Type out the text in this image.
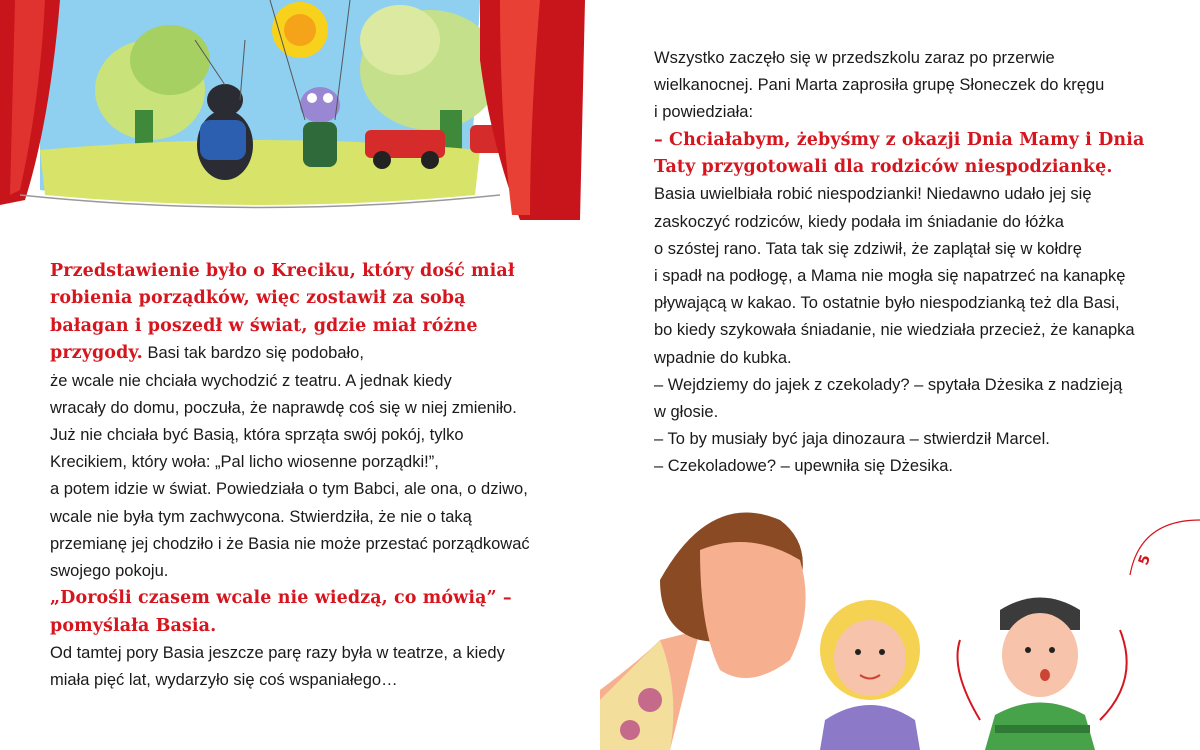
Przedstawienie było o Kreciku, który dość miał
robienia porządków, więc zostawił za sobą
bałagan i poszedł w świat, gdzie miał różne
przygody. Basi tak bardzo się podobało,
że wcale nie chciała wychodzić z teatru. A jednak kiedy
wracały do domu, poczuła, że naprawdę coś się w niej zmieniło.
Już nie chciała być Basią, która sprząta swój pokój, tylko
Krecikiem, który woła: „Pal licho wiosenne porządki!”,
a potem idzie w świat. Powiedziała o tym Babci, ale ona, o dziwo,
wcale nie była tym zachwycona. Stwierdziła, że nie o taką
przemianę jej chodziło i że Basia nie może przestać porządkować
swojego pokoju.
„Dorośli czasem wcale nie wiedzą, co mówią” –
pomyślała Basia.
Od tamtej pory Basia jeszcze parę razy była w teatrze, a kiedy
miała pięć lat, wydarzyło się coś wspaniałego…

Wszystko zaczęło się w przedszkolu zaraz po przerwie
wielkanocnej. Pani Marta zaprosiła grupę Słoneczek do kręgu
i powiedziała:
– Chciałabym, żebyśmy z okazji Dnia Mamy i Dnia
Taty przygotowali dla rodziców niespodziankę.
Basia uwielbiała robić niespodzianki! Niedawno udało jej się
zaskoczyć rodziców, kiedy podała im śniadanie do łóżka
o szóstej rano. Tata tak się zdziwił, że zaplątał się w kołdrę
i spadł na podłogę, a Mama nie mogła się napatrzeć na kanapkę
pływającą w kakao. To ostatnie było niespodzianką też dla Basi,
bo kiedy szykowała śniadanie, nie wiedziała przecież, że kanapka
wpadnie do kubka.
– Wejdziemy do jajek z czekolady? – spytała Dżesika z nadzieją
w głosie.
– To by musiały być jaja dinozaura – stwierdził Marcel.
– Czekoladowe? – upewniła się Dżesika.

5
